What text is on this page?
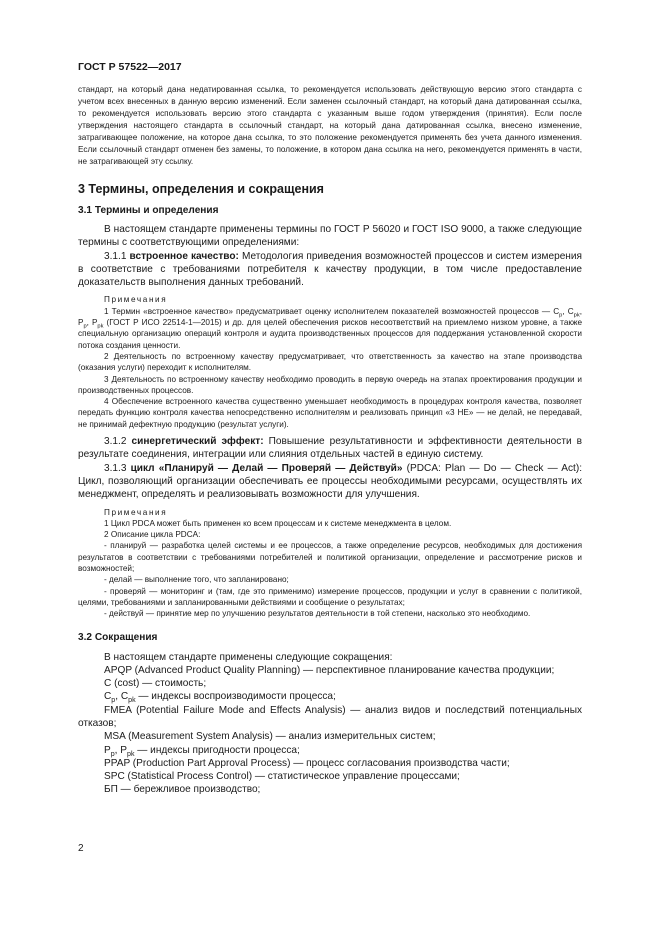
ГОСТ Р 57522—2017

стандарт, на который дана недатированная ссылка, то рекомендуется использовать действующую версию этого стандарта с учетом всех внесенных в данную версию изменений. Если заменен ссылочный стандарт, на который дана датированная ссылка, то рекомендуется использовать версию этого стандарта с указанным выше годом утверждения (принятия). Если после утверждения настоящего стандарта в ссылочный стандарт, на который дана датированная ссылка, внесено изменение, затрагивающее положение, на которое дана ссылка, то это положение рекомендуется применять без учета данного изменения. Если ссылочный стандарт отменен без замены, то положение, в котором дана ссылка на него, рекомендуется применять в части, не затрагивающей эту ссылку.

3 Термины, определения и сокращения
3.1 Термины и определения

В настоящем стандарте применены термины по ГОСТ Р 56020 и ГОСТ ISO 9000, а также следующие термины с соответствующими определениями:

3.1.1 встроенное качество: Методология приведения возможностей процессов и систем измерения в соответствие с требованиями потребителя к качеству продукции, в том числе предоставление доказательств выполнения данных требований.

Примечания

1 Термин «встроенное качество» предусматривает оценку исполнителем показателей возможностей процессов — $C_p$, $C_{pk}$, $P_p$, $P_{pk}$ (ГОСТ Р ИСО 22514-1—2015) и др. для целей обеспечения рисков несоответствий на приемлемо низком уровне, а также специальную организацию операций контроля и аудита производственных процессов для поддержания установленной скорости потока создания ценности.

2 Деятельность по встроенному качеству предусматривает, что ответственность за качество на этапе производства (оказания услуги) переходит к исполнителям.

3 Деятельность по встроенному качеству необходимо проводить в первую очередь на этапах проектирования продукции и производственных процессов.

4 Обеспечение встроенного качества существенно уменьшает необходимость в процедурах контроля качества, позволяет передать функцию контроля качества непосредственно исполнителям и реализовать принцип «3 НЕ» — не делай, не передавай, не принимай дефектную продукцию (результат услуги).

3.1.2 синергетический эффект: Повышение результативности и эффективности деятельности в результате соединения, интеграции или слияния отдельных частей в единую систему.

3.1.3 цикл «Планируй — Делай — Проверяй — Действуй» (PDCA: Plan — Do — Check — Act): Цикл, позволяющий организации обеспечивать ее процессы необходимыми ресурсами, осуществлять их менеджмент, определять и реализовывать возможности для улучшения.

Примечания

1 Цикл PDCA может быть применен ко всем процессам и к системе менеджмента в целом.

2 Описание цикла PDCA:

- планируй — разработка целей системы и ее процессов, а также определение ресурсов, необходимых для достижения результатов в соответствии с требованиями потребителей и политикой организации, определение и рассмотрение рисков и возможностей;

- делай — выполнение того, что запланировано;

- проверяй — мониторинг и (там, где это применимо) измерение процессов, продукции и услуг в сравнении с политикой, целями, требованиями и запланированными действиями и сообщение о результатах;

- действуй — принятие мер по улучшению результатов деятельности в той степени, насколько это необходимо.

3.2 Сокращения

В настоящем стандарте применены следующие сокращения:

APQP (Advanced Product Quality Planning) — перспективное планирование качества продукции;

C (cost) — стоимость;

$C_p$, $C_{pk}$ — индексы воспроизводимости процесса;

FMEA (Potential Failure Mode and Effects Analysis) — анализ видов и последствий потенциальных отказов;

MSA (Measurement System Analysis) — анализ измерительных систем;

$P_p$, $P_{pk}$ — индексы пригодности процесса;

PPAP (Production Part Approval Process) — процесс согласования производства части;

SPC (Statistical Process Control) — статистическое управление процессами;

БП — бережливое производство;

2
